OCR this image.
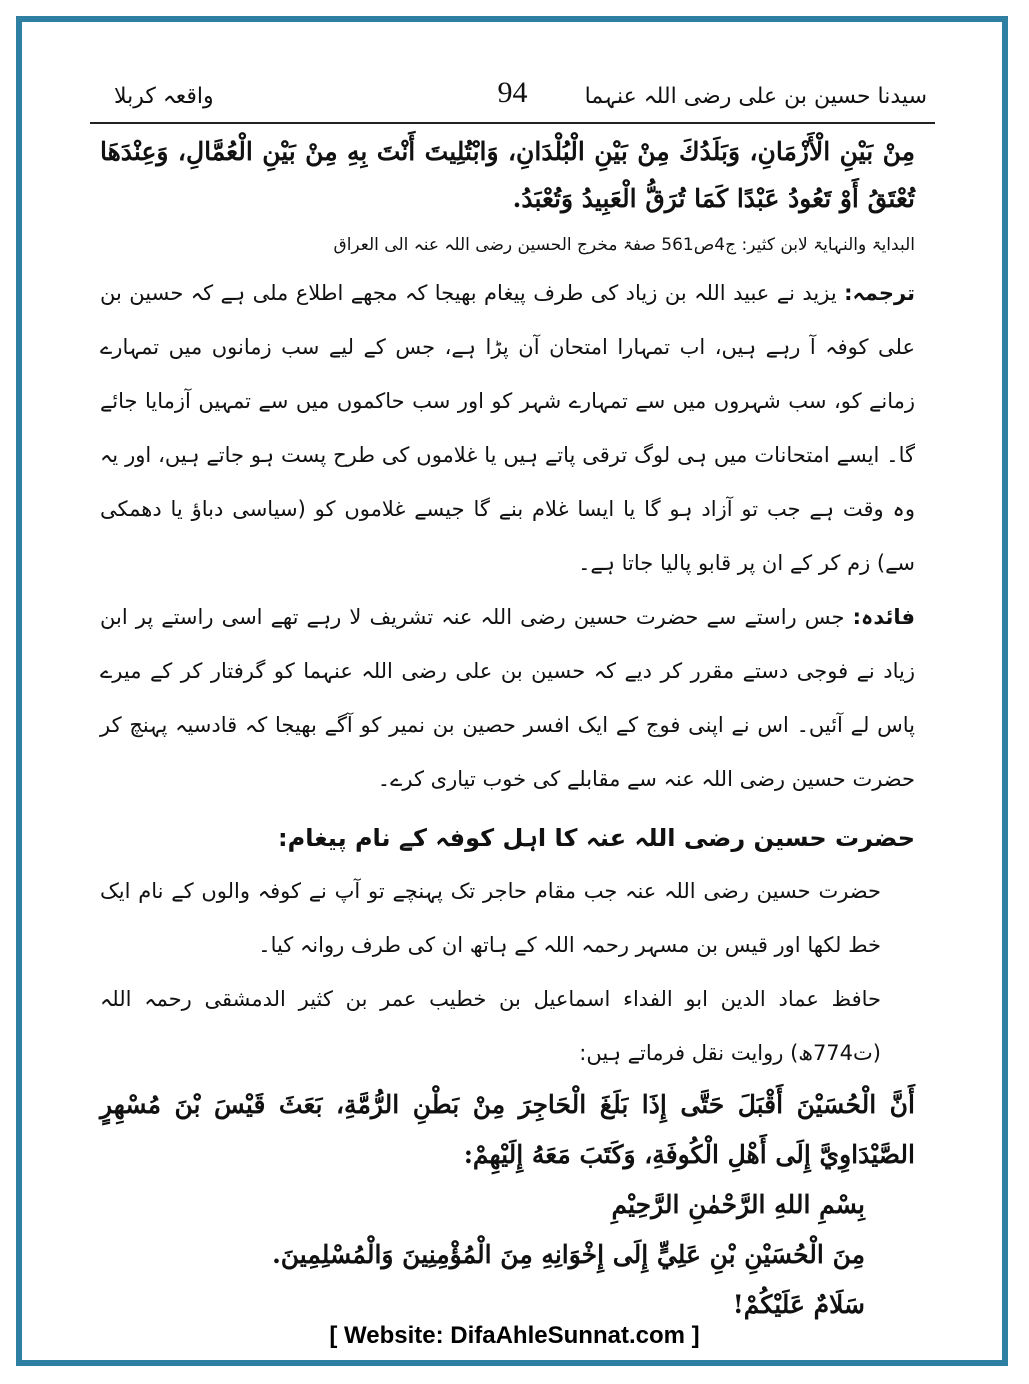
سیدنا حسین بن علی رضی اللہ عنہما
94
واقعہ کربلا

مِنْ بَيْنِ الْأَزْمَانِ، وَبَلَدُكَ مِنْ بَيْنِ الْبُلْدَانِ، وَابْتُلِيتَ أَنْتَ بِهِ مِنْ بَيْنِ الْعُمَّالِ، وَعِنْدَهَا تُعْتَقُ أَوْ تَعُودُ عَبْدًا كَمَا تُرَقُّ الْعَبِيدُ وَتُعْبَدُ.

البدایۃ والنہایۃ لابن کثیر: ج4ص561 صفۃ مخرج الحسین رضی اللہ عنہ الی العراق

ترجمہ: یزید نے عبید اللہ بن زیاد کی طرف پیغام بھیجا کہ مجھے اطلاع ملی ہے کہ حسین بن علی کوفہ آ رہے ہیں، اب تمہارا امتحان آن پڑا ہے، جس کے لیے سب زمانوں میں تمہارے زمانے کو، سب شہروں میں سے تمہارے شہر کو اور سب حاکموں میں سے تمہیں آزمایا جائے گا۔ ایسے امتحانات میں ہی لوگ ترقی پاتے ہیں یا غلاموں کی طرح پست ہو جاتے ہیں، اور یہ وہ وقت ہے جب تو آزاد ہو گا یا ایسا غلام بنے گا جیسے غلاموں کو (سیاسی دباؤ یا دھمکی سے) زم کر کے ان پر قابو پالیا جاتا ہے۔

فائدہ: جس راستے سے حضرت حسین رضی اللہ عنہ تشریف لا رہے تھے اسی راستے پر ابن زیاد نے فوجی دستے مقرر کر دیے کہ حسین بن علی رضی اللہ عنہما کو گرفتار کر کے میرے پاس لے آئیں۔ اس نے اپنی فوج کے ایک افسر حصین بن نمیر کو آگے بھیجا کہ قادسیہ پہنچ کر حضرت حسین رضی اللہ عنہ سے مقابلے کی خوب تیاری کرے۔

حضرت حسین رضی اللہ عنہ کا اہل کوفہ کے نام پیغام:

حضرت حسین رضی اللہ عنہ جب مقام حاجر تک پہنچے تو آپ نے کوفہ والوں کے نام ایک خط لکھا اور قیس بن مسہر رحمہ اللہ کے ہاتھ ان کی طرف روانہ کیا۔

حافظ عماد الدین ابو الفداء اسماعیل بن خطیب عمر بن کثیر الدمشقی رحمہ اللہ (ت774ھ) روایت نقل فرماتے ہیں:

أَنَّ الْحُسَيْنَ أَقْبَلَ حَتَّى إِذَا بَلَغَ الْحَاجِرَ مِنْ بَطْنِ الرُّمَّةِ، بَعَثَ قَيْسَ بْنَ مُسْهِرٍ الصَّيْدَاوِيَّ إِلَى أَهْلِ الْكُوفَةِ، وَكَتَبَ مَعَهُ إِلَيْهِمْ:

بِسْمِ اللهِ الرَّحْمٰنِ الرَّحِيْمِ

مِنَ الْحُسَيْنِ بْنِ عَلِيٍّ إِلَى إِخْوَانِهِ مِنَ الْمُؤْمِنِينَ وَالْمُسْلِمِينَ.

سَلَامٌ عَلَيْكُمْ!

[ Website: DifaAhleSunnat.com ]
